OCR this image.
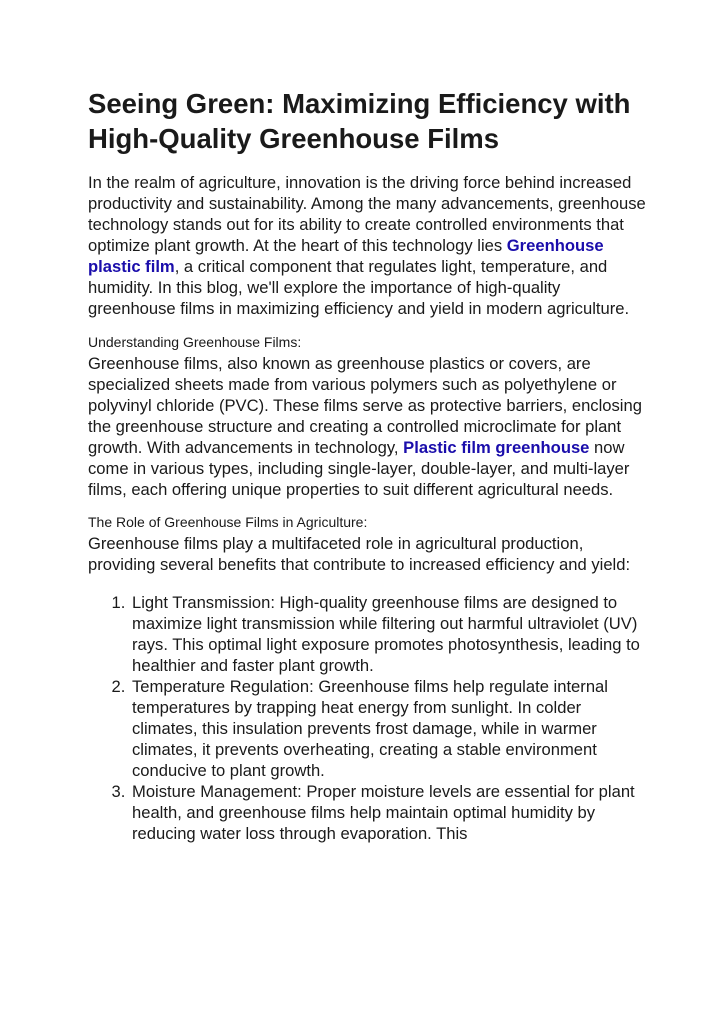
Seeing Green: Maximizing Efficiency with High-Quality Greenhouse Films

In the realm of agriculture, innovation is the driving force behind increased productivity and sustainability. Among the many advancements, greenhouse technology stands out for its ability to create controlled environments that optimize plant growth. At the heart of this technology lies Greenhouse plastic film, a critical component that regulates light, temperature, and humidity. In this blog, we'll explore the importance of high-quality greenhouse films in maximizing efficiency and yield in modern agriculture.

Understanding Greenhouse Films:

Greenhouse films, also known as greenhouse plastics or covers, are specialized sheets made from various polymers such as polyethylene or polyvinyl chloride (PVC). These films serve as protective barriers, enclosing the greenhouse structure and creating a controlled microclimate for plant growth. With advancements in technology, Plastic film greenhouse now come in various types, including single-layer, double-layer, and multi-layer films, each offering unique properties to suit different agricultural needs.

The Role of Greenhouse Films in Agriculture:

Greenhouse films play a multifaceted role in agricultural production, providing several benefits that contribute to increased efficiency and yield:

1. Light Transmission: High-quality greenhouse films are designed to maximize light transmission while filtering out harmful ultraviolet (UV) rays. This optimal light exposure promotes photosynthesis, leading to healthier and faster plant growth.
2. Temperature Regulation: Greenhouse films help regulate internal temperatures by trapping heat energy from sunlight. In colder climates, this insulation prevents frost damage, while in warmer climates, it prevents overheating, creating a stable environment conducive to plant growth.
3. Moisture Management: Proper moisture levels are essential for plant health, and greenhouse films help maintain optimal humidity by reducing water loss through evaporation. This
